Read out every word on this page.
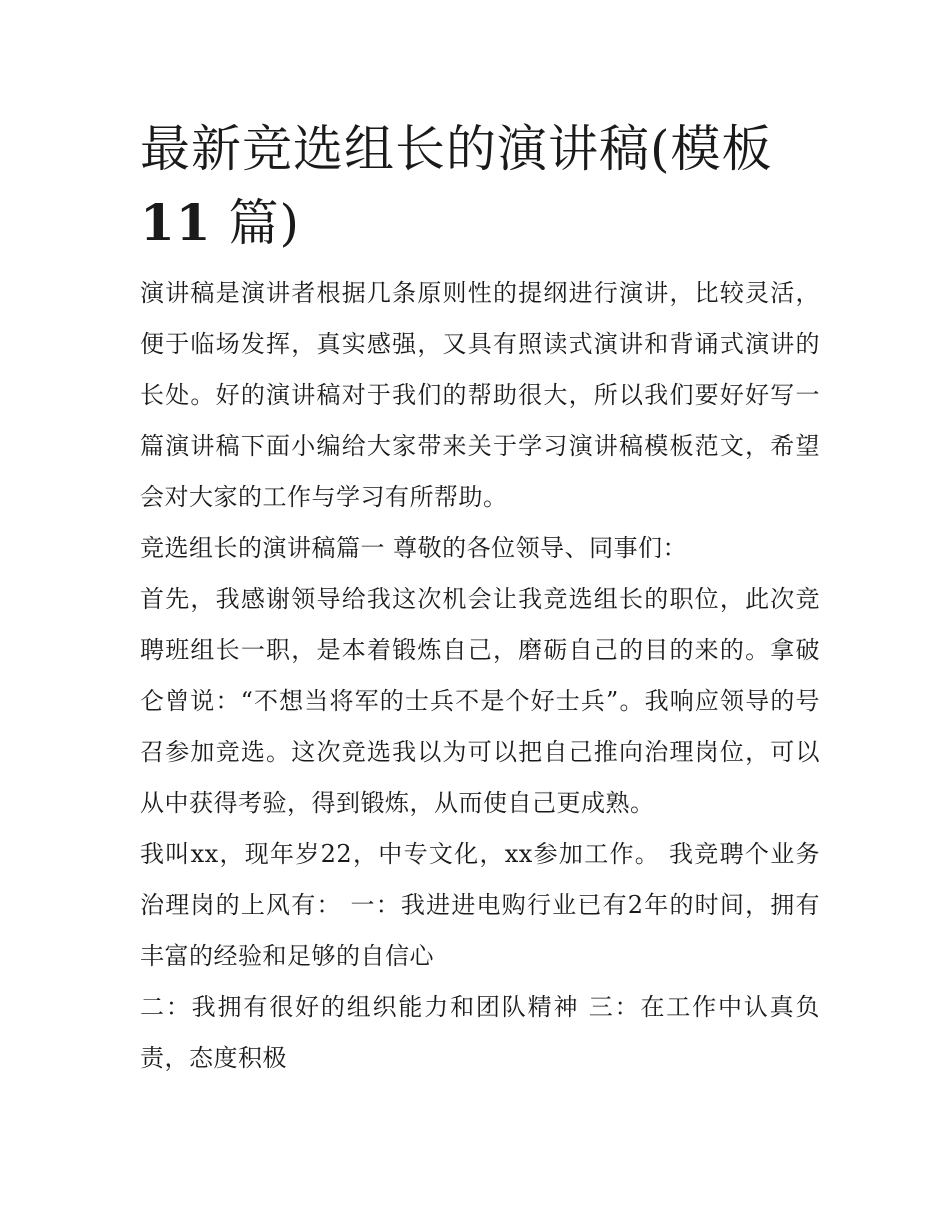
最新竞选组长的演讲稿(模板
11 篇)

演讲稿是演讲者根据几条原则性的提纲进行演讲，比较灵活，便于临场发挥，真实感强，又具有照读式演讲和背诵式演讲的长处。好的演讲稿对于我们的帮助很大，所以我们要好好写一篇演讲稿下面小编给大家带来关于学习演讲稿模板范文，希望会对大家的工作与学习有所帮助。

竞选组长的演讲稿篇一 尊敬的各位领导、同事们：

首先，我感谢领导给我这次机会让我竞选组长的职位，此次竞聘班组长一职，是本着锻炼自己，磨砺自己的目的来的。拿破仑曾说：“不想当将军的士兵不是个好士兵”。我响应领导的号召参加竞选。这次竞选我以为可以把自己推向治理岗位，可以从中获得考验，得到锻炼，从而使自己更成熟。

我叫xx，现年岁22，中专文化，xx参加工作。 我竞聘个业务治理岗的上风有： 一：我进进电购行业已有2年的时间，拥有丰富的经验和足够的自信心

二：我拥有很好的组织能力和团队精神 三：在工作中认真负责，态度积极
